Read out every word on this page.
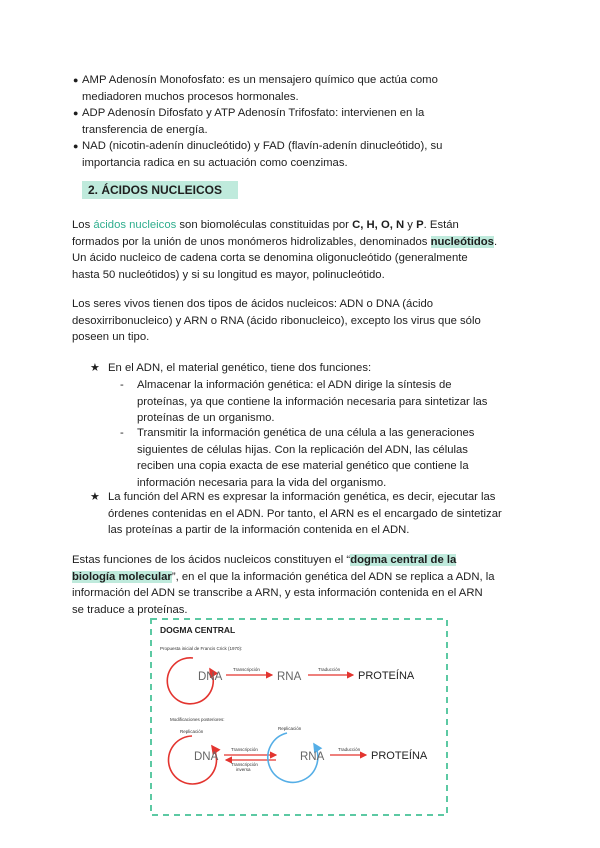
● AMP Adenosín Monofosfato: es un mensajero químico que actúa como
mediadoren muchos procesos hormonales.
● ADP Adenosín Difosfato y ATP Adenosín Trifosfato: intervienen en la
transferencia de energía.
● NAD (nicotin-adenín dinucleótido) y FAD (flavín-adenín dinucleótido), su
importancia radica en su actuación como coenzimas.
2. ÁCIDOS NUCLEICOS
Los ácidos nucleicos son biomoléculas constituidas por C, H, O, N y P. Están
formados por la unión de unos monómeros hidrolizables, denominados nucleótidos.
Un ácido nucleico de cadena corta se denomina oligonucleótido (generalmente
hasta 50 nucleótidos) y si su longitud es mayor, polinucleótido.
Los seres vivos tienen dos tipos de ácidos nucleicos: ADN o DNA (ácido
desoxirribonucleico) y ARN o RNA (ácido ribonucleico), excepto los virus que sólo
poseen un tipo.
★ En el ADN, el material genético, tiene dos funciones:
- Almacenar la información genética: el ADN dirige la síntesis de
proteínas, ya que contiene la información necesaria para sintetizar las
proteínas de un organismo.
- Transmitir la información genética de una célula a las generaciones
siguientes de células hijas. Con la replicación del ADN, las células
reciben una copia exacta de ese material genético que contiene la
información necesaria para la vida del organismo.
★ La función del ARN es expresar la información genética, es decir, ejecutar las
órdenes contenidas en el ADN. Por tanto, el ARN es el encargado de sintetizar
las proteínas a partir de la información contenida en el ADN.
Estas funciones de los ácidos nucleicos constituyen el “dogma central de la
biología molecular”, en el que la información genética del ADN se replica a ADN, la
información del ADN se transcribe a ARN, y esta información contenida en el ARN
se traduce a proteínas.
DOGMA CENTRAL
Propuesta inicial de Francis Crick (1970):
DNA
Transcripción
RNA
Traducción
PROTEÍNA
Modificaciones posteriores:
Replicación
DNA
Transcripción
Transcripción
inversa
Replicación
RNA
Traducción
PROTEÍNA
